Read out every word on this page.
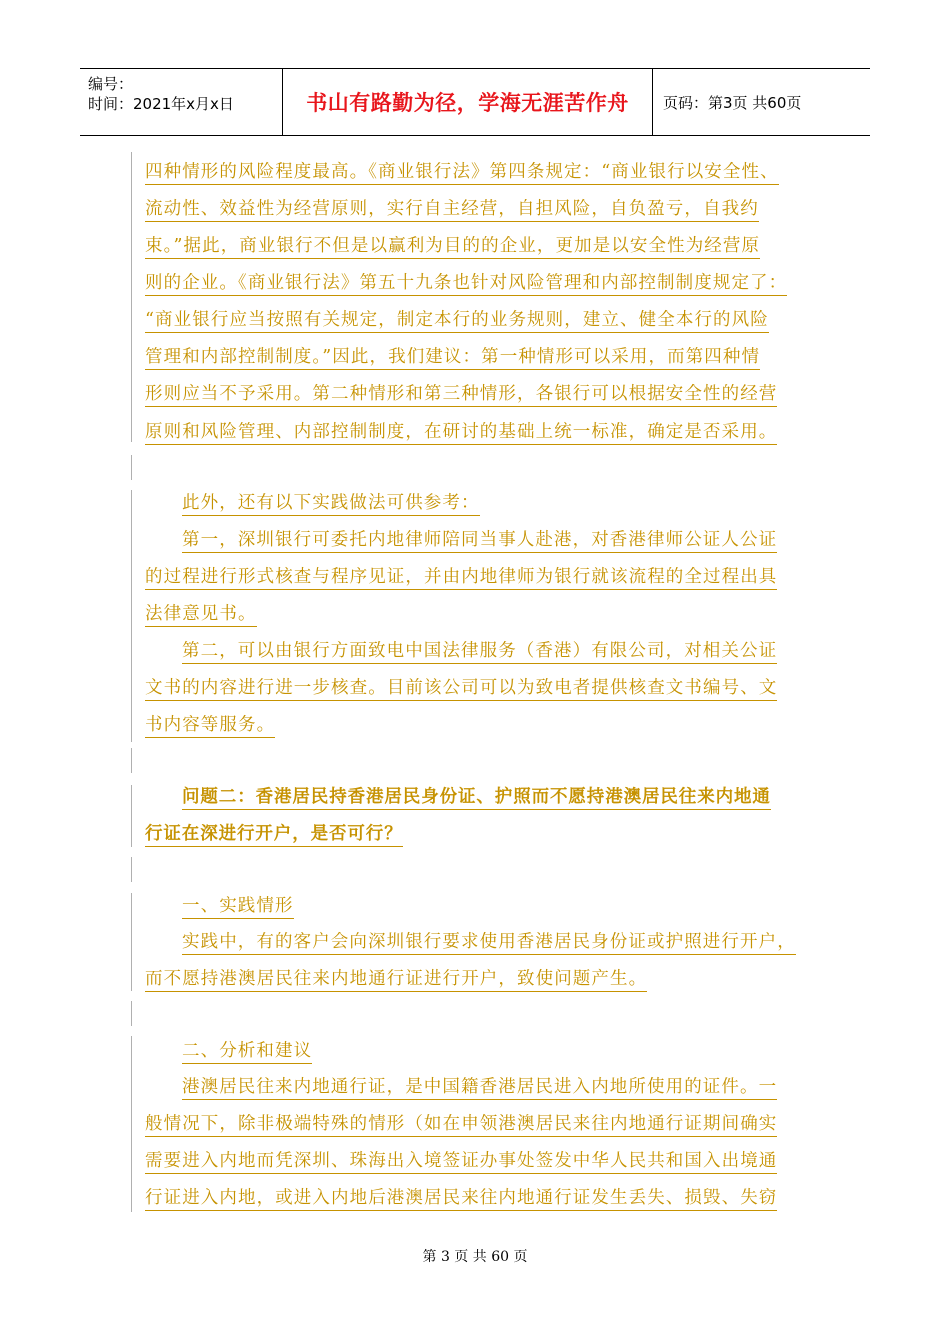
编号：
时间：2021年x月x日	书山有路勤为径，学海无涯苦作舟	页码：第3页 共60页
四种情形的风险程度最高。《商业银行法》第四条规定：“商业银行以安全性、
流动性、效益性为经营原则，实行自主经营，自担风险，自负盈亏，自我约
束。”据此，商业银行不但是以赢利为目的的企业，更加是以安全性为经营原
则的企业。《商业银行法》第五十九条也针对风险管理和内部控制制度规定了：
“商业银行应当按照有关规定，制定本行的业务规则，建立、健全本行的风险
管理和内部控制制度。”因此，我们建议：第一种情形可以采用，而第四种情
形则应当不予采用。第二种情形和第三种情形，各银行可以根据安全性的经营
原则和风险管理、内部控制制度，在研讨的基础上统一标准，确定是否采用。
此外，还有以下实践做法可供参考：
第一，深圳银行可委托内地律师陪同当事人赴港，对香港律师公证人公证
的过程进行形式核查与程序见证，并由内地律师为银行就该流程的全过程出具
法律意见书。
第二，可以由银行方面致电中国法律服务（香港）有限公司，对相关公证
文书的内容进行进一步核查。目前该公司可以为致电者提供核查文书编号、文
书内容等服务。
问题二：香港居民持香港居民身份证、护照而不愿持港澳居民往来内地通
行证在深进行开户，是否可行？
一、实践情形
实践中，有的客户会向深圳银行要求使用香港居民身份证或护照进行开户，
而不愿持港澳居民往来内地通行证进行开户，致使问题产生。
二、分析和建议
港澳居民往来内地通行证，是中国籍香港居民进入内地所使用的证件。一
般情况下，除非极端特殊的情形（如在申领港澳居民来往内地通行证期间确实
需要进入内地而凭深圳、珠海出入境签证办事处签发中华人民共和国入出境通
行证进入内地，或进入内地后港澳居民来往内地通行证发生丢失、损毁、失窃
第 3 页 共 60 页
